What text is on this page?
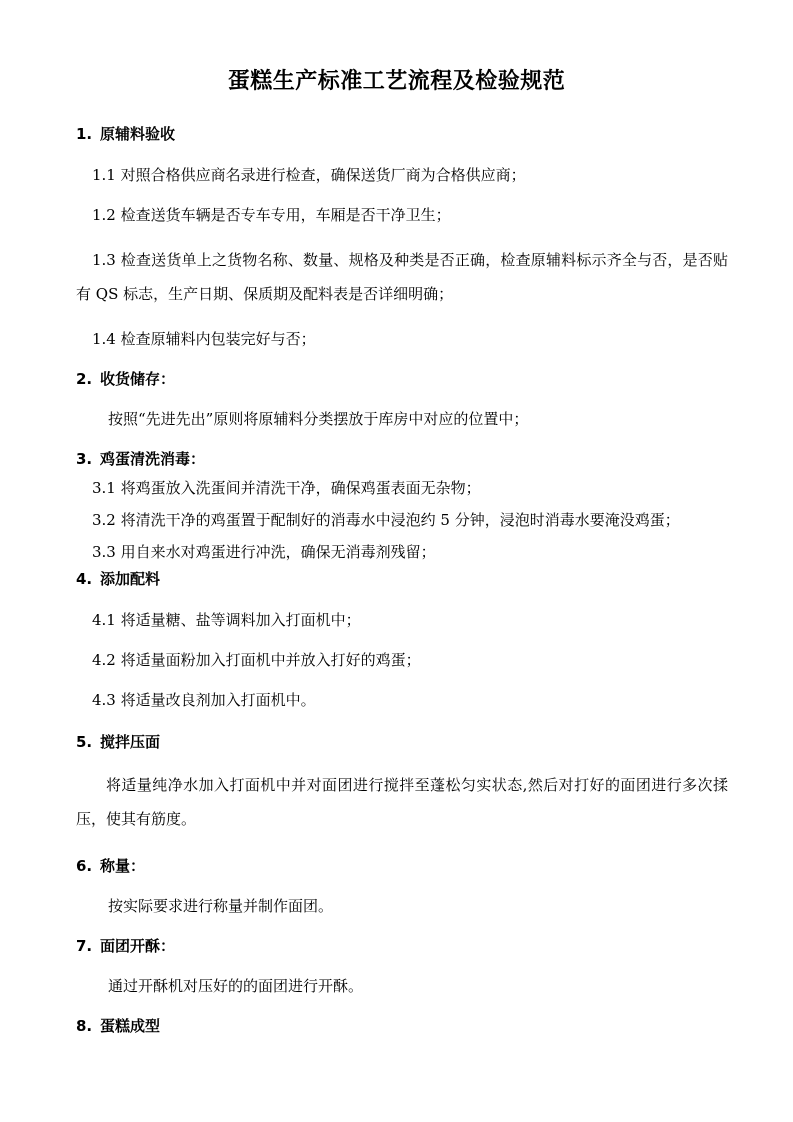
蛋糕生产标准工艺流程及检验规范
1. 原辅料验收
1.1 对照合格供应商名录进行检查，确保送货厂商为合格供应商；
1.2 检查送货车辆是否专车专用，车厢是否干净卫生；
1.3 检查送货单上之货物名称、数量、规格及种类是否正确，检查原辅料标示齐全与否，是否贴有 QS 标志，生产日期、保质期及配料表是否详细明确；
1.4 检查原辅料内包装完好与否；
2. 收货储存：
按照“先进先出”原则将原辅料分类摆放于库房中对应的位置中；
3. 鸡蛋清洗消毒：
3.1 将鸡蛋放入洗蛋间并清洗干净，确保鸡蛋表面无杂物；
3.2 将清洗干净的鸡蛋置于配制好的消毒水中浸泡约 5 分钟，浸泡时消毒水要淹没鸡蛋；
3.3 用自来水对鸡蛋进行冲洗，确保无消毒剂残留；
4. 添加配料
4.1 将适量糖、盐等调料加入打面机中；
4.2 将适量面粉加入打面机中并放入打好的鸡蛋；
4.3 将适量改良剂加入打面机中。
5. 搅拌压面
将适量纯净水加入打面机中并对面团进行搅拌至蓬松匀实状态,然后对打好的面团进行多次揉压，使其有筋度。
6. 称量：
按实际要求进行称量并制作面团。
7. 面团开酥：
通过开酥机对压好的的面团进行开酥。
8. 蛋糕成型
